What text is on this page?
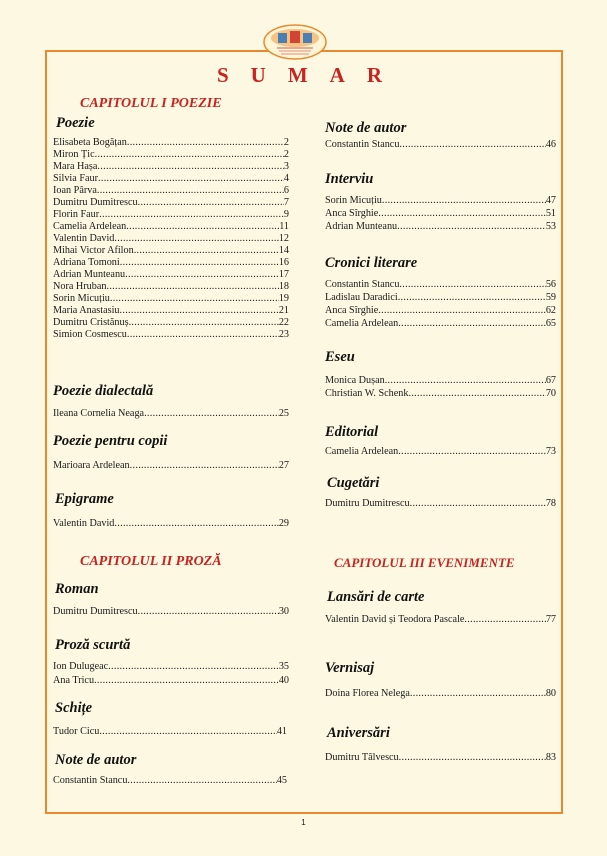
SUMAR
CAPITOLUL I POEZIE
CAPITOLUL II PROZĂ	CAPITOLUL III EVENIMENTE
Poezie
Elisabeta Bogățan .....	2
Miron Țic .....	2
Mara Hașa .....	3
Silvia Faur .....	4
Ioan Pârva .....	6
Dumitru Dumitrescu .....	7
Florin Faur .....	9
Camelia Ardelean .....	11
Valentin David .....	12
Mihai Victor Afilon .....	14
Adriana Tomoni .....	16
Adrian Munteanu .....	17
Nora Hruban .....	18
Sorin Micuțiu .....	19
Maria Anastasiu .....	21
Dumitru Cristănuș .....	22
Simion Cosmescu .....	23
Poezie dialectală
Ileana Cornelia Neaga .....	25
Poezie pentru copii
Marioara Ardelean .....	27
Epigrame
Valentin David .....	29
Roman
Dumitru Dumitrescu .....	30
Proză scurtă
Ion Dulugeac .....	35
Ana Tricu .....	40
Schițe
Tudor Cicu .....	41
Note de autor
Constantin Stancu .....	45
Note de autor
Constantin Stancu .....	46
Interviu
Sorin Micuțiu .....	47
Anca Sîrghie .....	51
Adrian Munteanu .....	53
Cronici literare
Constantin Stancu .....	56
Ladislau Daradici .....	59
Anca Sîrghie .....	62
Camelia Ardelean .....	65
Eseu
Monica Dușan .....	67
Christian W. Schenk .....	70
Editorial
Camelia Ardelean .....	73
Cugetări
Dumitru Dumitrescu .....	78
Lansări de carte
Valentin David și Teodora Pascale .....	77
Vernisaj
Doina Florea Nelega .....	80
Aniversări
Dumitru Tâlvescu .....	83
1
